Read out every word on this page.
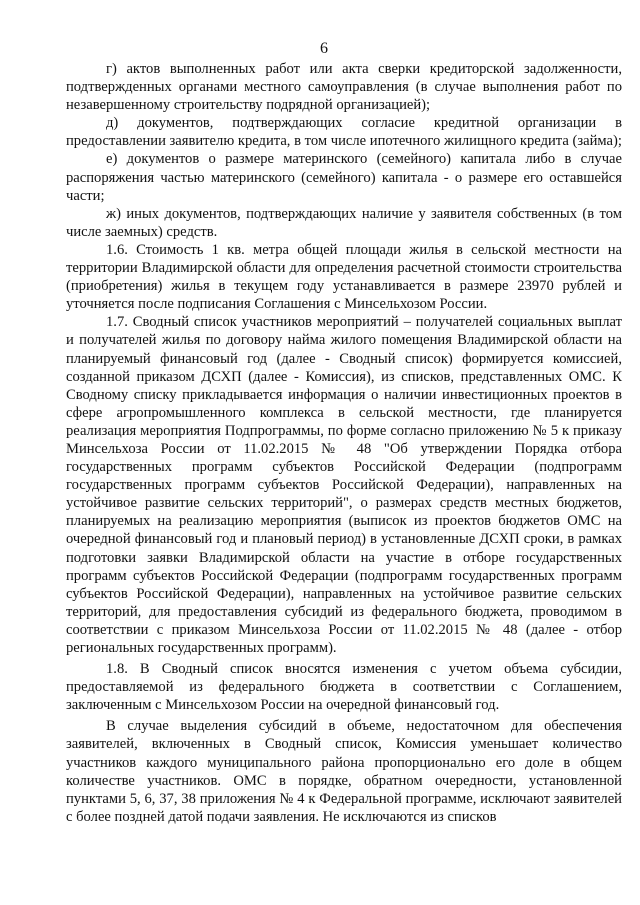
6

г) актов выполненных работ или акта сверки кредиторской задолженности, подтвержденных органами местного самоуправления (в случае выполнения работ по незавершенному строительству подрядной организацией);

д) документов, подтверждающих согласие кредитной организации в предоставлении заявителю кредита, в том числе ипотечного жилищного кредита (займа);

е) документов о размере материнского (семейного) капитала либо в случае распоряжения частью материнского (семейного) капитала - о размере его оставшейся части;

ж) иных документов, подтверждающих наличие у заявителя собственных (в том числе заемных) средств.

1.6. Стоимость 1 кв. метра общей площади жилья в сельской местности на территории Владимирской области для определения расчетной стоимости строительства (приобретения) жилья в текущем году устанавливается в размере 23970 рублей и уточняется после подписания Соглашения с Минсельхозом России.

1.7. Сводный список участников мероприятий – получателей социальных выплат и получателей жилья по договору найма жилого помещения Владимирской области на планируемый финансовый год (далее - Сводный список) формируется комиссией, созданной приказом ДСХП (далее - Комиссия), из списков, представленных ОМС. К Сводному списку прикладывается информация о наличии инвестиционных проектов в сфере агропромышленного комплекса в сельской местности, где планируется реализация мероприятия Подпрограммы, по форме согласно приложению № 5 к приказу Минсельхоза России от 11.02.2015 № 48 "Об утверждении Порядка отбора государственных программ субъектов Российской Федерации (подпрограмм государственных программ субъектов Российской Федерации), направленных на устойчивое развитие сельских территорий", о размерах средств местных бюджетов, планируемых на реализацию мероприятия (выписок из проектов бюджетов ОМС на очередной финансовый год и плановый период) в установленные ДСХП сроки, в рамках подготовки заявки Владимирской области на участие в отборе государственных программ субъектов Российской Федерации (подпрограмм государственных программ субъектов Российской Федерации), направленных на устойчивое развитие сельских территорий, для предоставления субсидий из федерального бюджета, проводимом в соответствии с приказом Минсельхоза России от 11.02.2015 № 48 (далее - отбор региональных государственных программ).

1.8. В Сводный список вносятся изменения с учетом объема субсидии, предоставляемой из федерального бюджета в соответствии с Соглашением, заключенным с Минсельхозом России на очередной финансовый год.

В случае выделения субсидий в объеме, недостаточном для обеспечения заявителей, включенных в Сводный список, Комиссия уменьшает количество участников каждого муниципального района пропорционально его доле в общем количестве участников. ОМС в порядке, обратном очередности, установленной пунктами 5, 6, 37, 38 приложения № 4 к Федеральной программе, исключают заявителей с более поздней датой подачи заявления. Не исключаются из списков
